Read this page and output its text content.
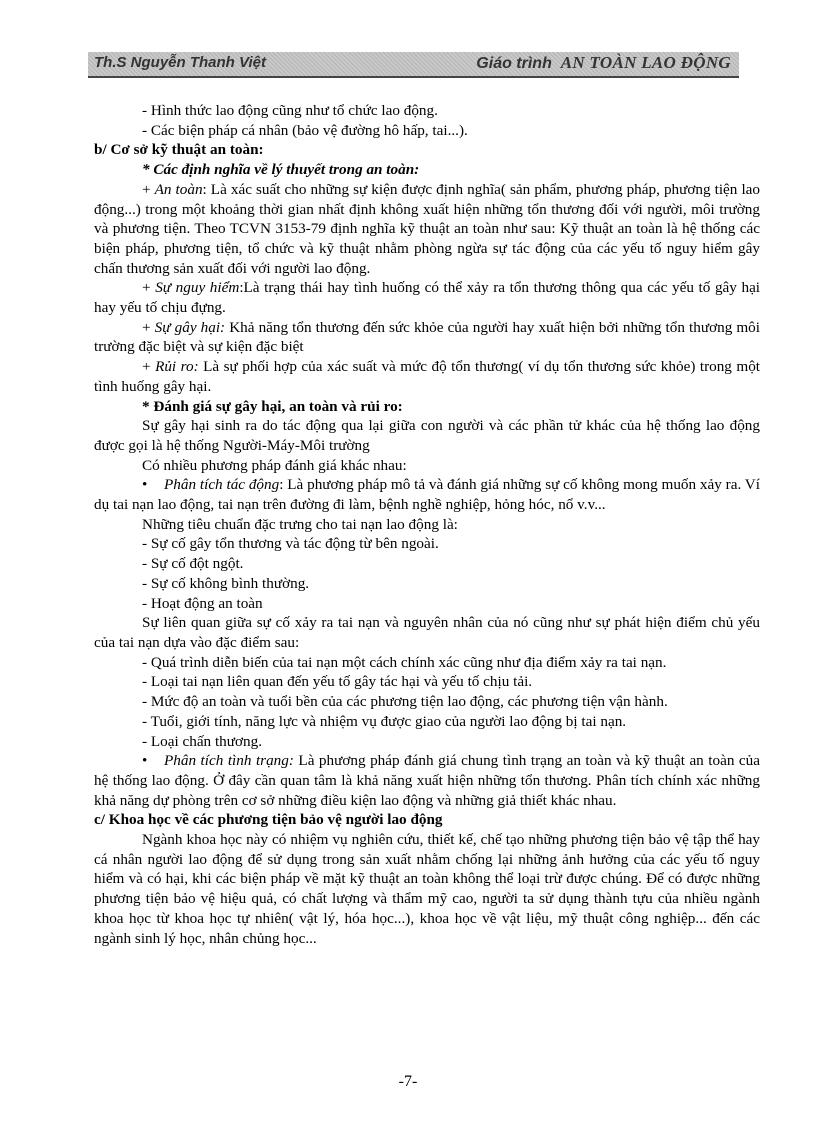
Th.S Nguyễn Thanh Việt	Giáo trình AN TOÀN LAO ĐỘNG

- Hình thức lao động cũng như tổ chức lao động.

- Các biện pháp cá nhân (bảo vệ đường hô hấp, tai...).

b/ Cơ sở kỹ thuật an toàn:

* Các định nghĩa về lý thuyết trong an toàn:

+ An toàn: Là xác suất cho những sự kiện được định nghĩa( sản phẩm, phương pháp, phương tiện lao động...) trong một khoảng thời gian nhất định không xuất hiện những tổn thương đối với người, môi trường và phương tiện. Theo TCVN 3153-79 định nghĩa kỹ thuật an toàn như sau: Kỹ thuật an toàn là hệ thống các biện pháp, phương tiện, tổ chức và kỹ thuật nhằm phòng ngừa sự tác động của các yếu tố nguy hiểm gây chấn thương sản xuất đối với người lao động.

+ Sự nguy hiểm:Là trạng thái hay tình huống có thể xảy ra tổn thương thông qua các yếu tố gây hại hay yếu tố chịu đựng.

+ Sự gây hại: Khả năng tổn thương đến sức khỏe của người hay xuất hiện bởi những tổn thương môi trường đặc biệt và sự kiện đặc biệt

+ Rủi ro: Là sự phối hợp của xác suất và mức độ tổn thương( ví dụ tổn thương sức khỏe) trong một tình huống gây hại.

* Đánh giá sự gây hại, an toàn và rủi ro:

Sự gây hại sinh ra do tác động qua lại giữa con người và các phần tử khác của hệ thống lao động được gọi là hệ thống Người-Máy-Môi trường

Có nhiều phương pháp đánh giá khác nhau:

• Phân tích tác động: Là phương pháp mô tả và đánh giá những sự cố không mong muốn xảy ra. Ví dụ tai nạn lao động, tai nạn trên đường đi làm, bệnh nghề nghiệp, hỏng hóc, nổ v.v...

Những tiêu chuẩn đặc trưng cho tai nạn lao động là:

- Sự cố gây tổn thương và tác động từ bên ngoài.

- Sự cố đột ngột.

- Sự cố không bình thường.

- Hoạt động an toàn

Sự liên quan giữa sự cố xảy ra tai nạn và nguyên nhân của nó cũng như sự phát hiện điểm chủ yếu của tai nạn dựa vào đặc điểm sau:

- Quá trình diễn biến của tai nạn một cách chính xác cũng như địa điểm xảy ra tai nạn.

- Loại tai nạn liên quan đến yếu tố gây tác hại và yếu tố chịu tải.

- Mức độ an toàn và tuổi bền của các phương tiện lao động, các phương tiện vận hành.

- Tuổi, giới tính, năng lực và nhiệm vụ được giao của người lao động bị tai nạn.

- Loại chấn thương.

• Phân tích tình trạng: Là phương pháp đánh giá chung tình trạng an toàn và kỹ thuật an toàn của hệ thống lao động. Ở đây cần quan tâm là khả năng xuất hiện những tổn thương. Phân tích chính xác những khả năng dự phòng trên cơ sở những điều kiện lao động và những giả thiết khác nhau.

c/ Khoa học về các phương tiện bảo vệ người lao động

Ngành khoa học này có nhiệm vụ nghiên cứu, thiết kế, chế tạo những phương tiện bảo vệ tập thể hay cá nhân người lao động để sử dụng trong sản xuất nhằm chống lại những ảnh hưởng của các yếu tố nguy hiểm và có hại, khi các biện pháp về mặt kỹ thuật an toàn không thể loại trừ được chúng. Để có được những phương tiện bảo vệ hiệu quả, có chất lượng và thẩm mỹ cao, người ta sử dụng thành tựu của nhiều ngành khoa học từ khoa học tự nhiên( vật lý, hóa học...), khoa học về vật liệu, mỹ thuật công nghiệp... đến các ngành sinh lý học, nhân chủng học...

-7-
